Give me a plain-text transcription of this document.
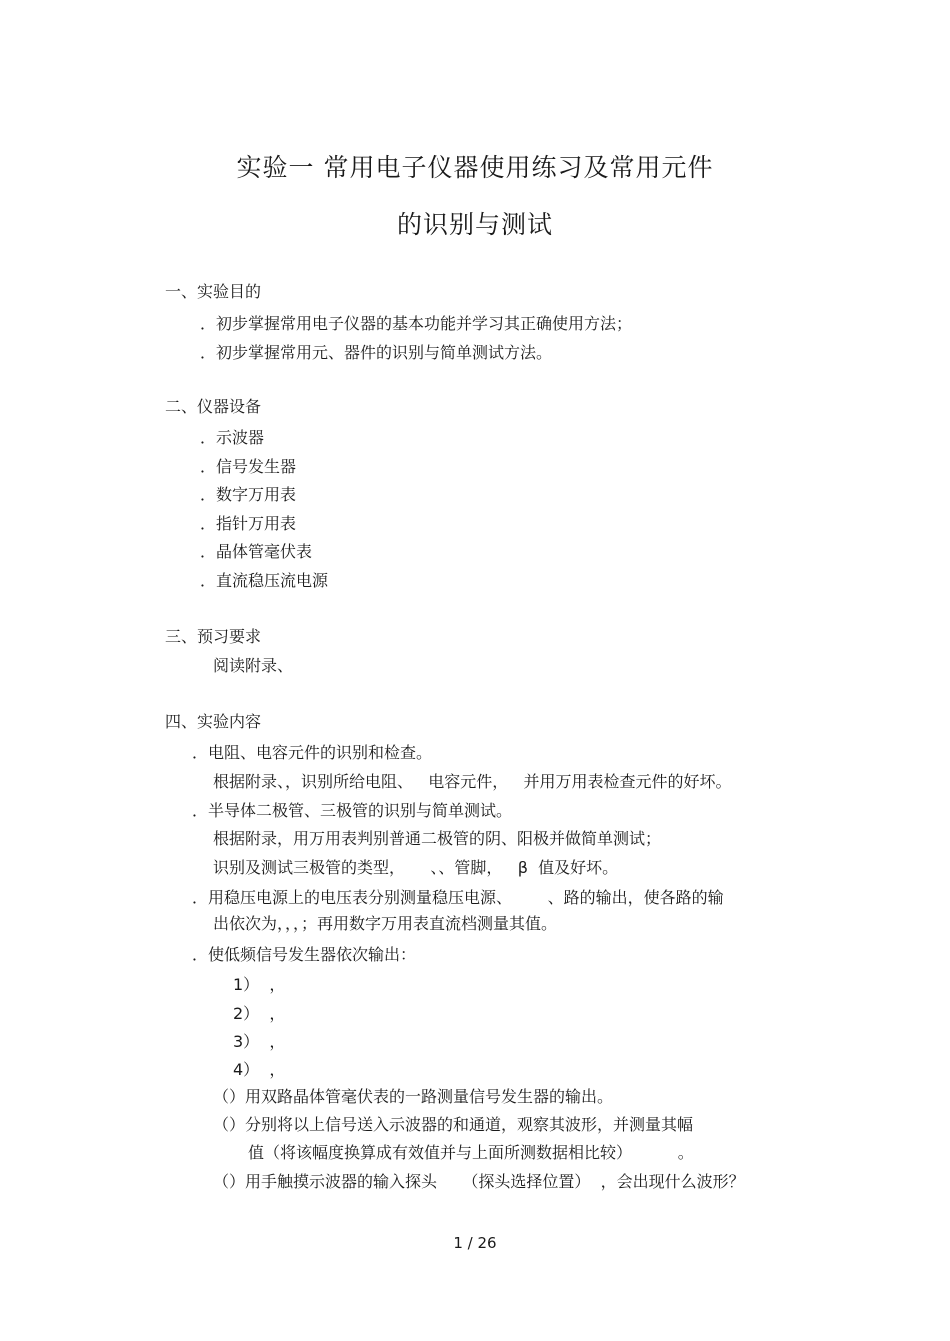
实验一 常用电子仪器使用练习及常用元件
的识别与测试
一、实验目的
．初步掌握常用电子仪器的基本功能并学习其正确使用方法；
．初步掌握常用元、器件的识别与简单测试方法。
二、仪器设备
．示波器
．信号发生器
．数字万用表
．指针万用表
．晶体管毫伏表
．直流稳压流电源
三、预习要求
阅读附录、
四、实验内容
．电阻、电容元件的识别和检查。
根据附录、，识别所给电阻、   电容元件，   并用万用表检查元件的好坏。
．半导体二极管、三极管的识别与简单测试。
根据附录，用万用表判别普通二极管的阴、阳极并做简单测试；
识别及测试三极管的类型，     、、管脚，   β  值及好坏。
．用稳压电源上的电压表分别测量稳压电源、       、路的输出，使各路的输
出依次为，，，；再用数字万用表直流档测量其值。
．使低频信号发生器依次输出：
1）  ，
2）  ，
3）  ，
4）  ，
（）用双路晶体管毫伏表的一路测量信号发生器的输出。
（）分别将以上信号送入示波器的和通道，观察其波形，并测量其幅
值（将该幅度换算成有效值并与上面所测数据相比较）         。
（）用手触摸示波器的输入探头     （探头选择位置）  ，会出现什么波形？
1 / 26
